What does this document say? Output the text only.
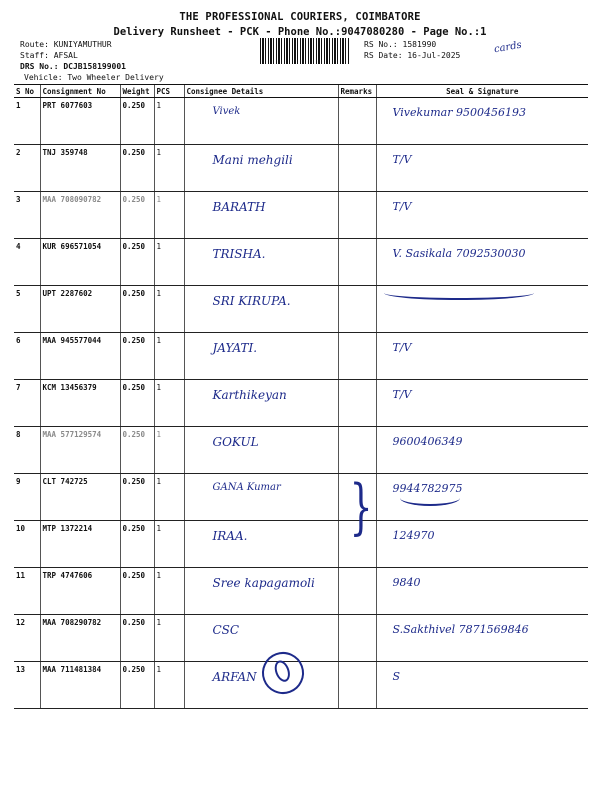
THE PROFESSIONAL COURIERS, COIMBATORE
Delivery Runsheet - PCK - Phone No.:9047080280 - Page No.:1
Route: KUNIYAMUTHUR
Staff: AFSAL
DRS No.: DCJB158199001
Vehicle: Two Wheeler Delivery
RS No.: 1581990
RS Date: 16-Jul-2025
cards
S No	Consignment No	Weight	PCS	Consignee Details	Remarks	Seal & Signature
1	PRT 6077603	0.250	1	Vivek		Vivekumar 9500456193
2	TNJ 359748	0.250	1	Mani mehgili		T/V
3	MAA 708090782	0.250	1	BARATH		T/V
4	KUR 696571054	0.250	1	TRISHA.		V. Sasikala 7092530030
5	UPT 2287602	0.250	1	SRI KIRUPA.		
6	MAA 945577044	0.250	1	JAYATI.		T/V
7	KCM 13456379	0.250	1	Karthikeyan		T/V
8	MAA 577129574	0.250	1	GOKUL		9600406349
9	CLT 742725	0.250	1	GANA Kumar		9944782975
10	MTP 1372214	0.250	1	IRAA.		124970
11	TRP 4747606	0.250	1	Sree kapagamoli		9840
12	MAA 708290782	0.250	1	CSC		S.Sakthivel 7871569846
13	MAA 711481384	0.250	1	ARFAN		S
}
